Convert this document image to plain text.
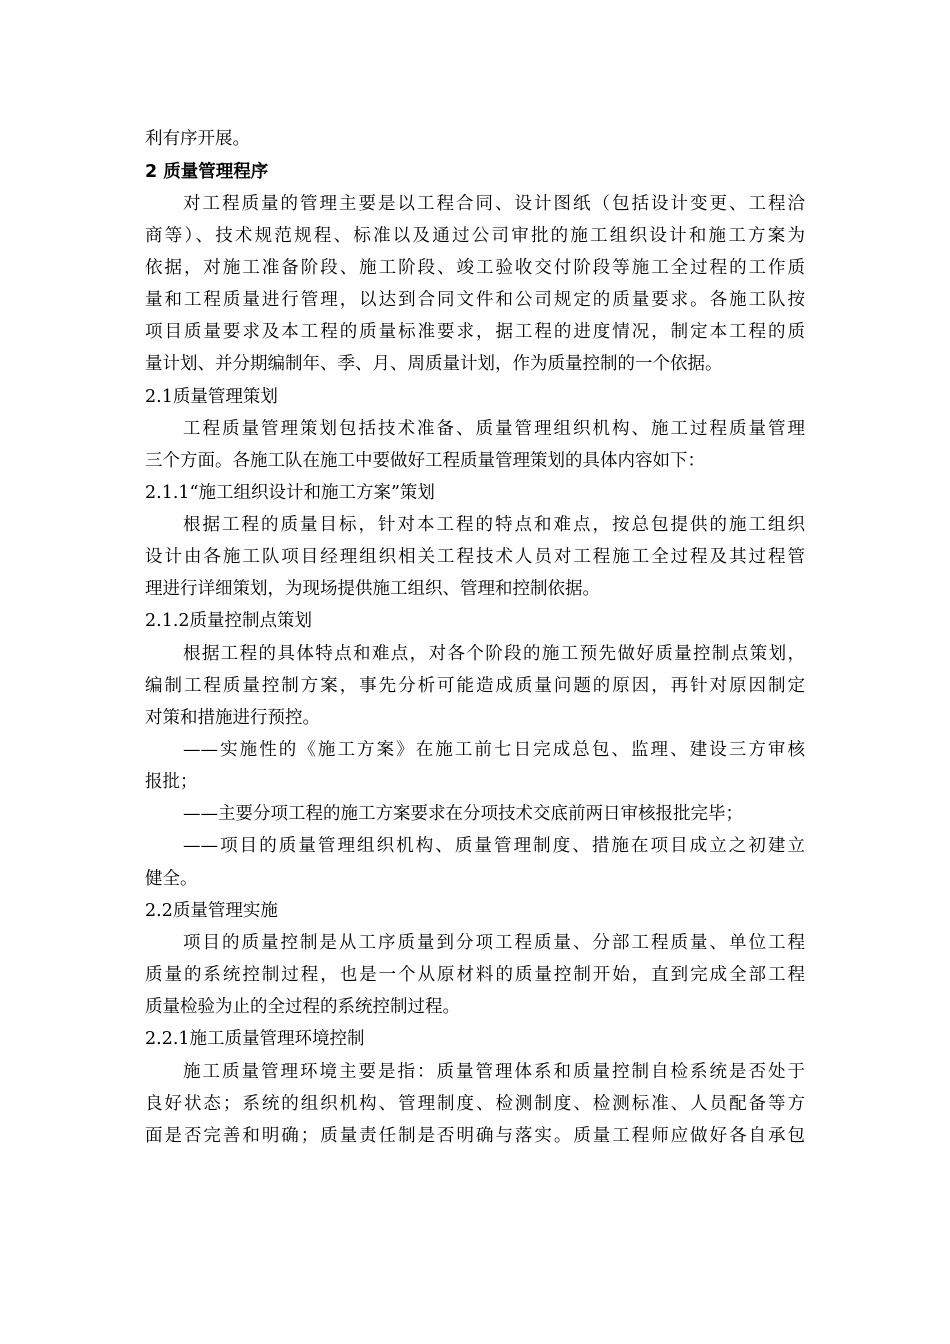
利有序开展。
2 质量管理程序
对工程质量的管理主要是以工程合同、设计图纸（包括设计变更、工程洽
商等）、技术规范规程、标准以及通过公司审批的施工组织设计和施工方案为
依据，对施工准备阶段、施工阶段、竣工验收交付阶段等施工全过程的工作质
量和工程质量进行管理，以达到合同文件和公司规定的质量要求。各施工队按
项目质量要求及本工程的质量标准要求，据工程的进度情况，制定本工程的质
量计划、并分期编制年、季、月、周质量计划，作为质量控制的一个依据。
2.1质量管理策划
工程质量管理策划包括技术准备、质量管理组织机构、施工过程质量管理
三个方面。各施工队在施工中要做好工程质量管理策划的具体内容如下：
2.1.1“施工组织设计和施工方案”策划
根据工程的质量目标，针对本工程的特点和难点，按总包提供的施工组织
设计由各施工队项目经理组织相关工程技术人员对工程施工全过程及其过程管
理进行详细策划，为现场提供施工组织、管理和控制依据。
2.1.2质量控制点策划
根据工程的具体特点和难点，对各个阶段的施工预先做好质量控制点策划，
编制工程质量控制方案，事先分析可能造成质量问题的原因，再针对原因制定
对策和措施进行预控。
——实施性的《施工方案》在施工前七日完成总包、监理、建设三方审核
报批；
——主要分项工程的施工方案要求在分项技术交底前两日审核报批完毕；
——项目的质量管理组织机构、质量管理制度、措施在项目成立之初建立
健全。
2.2质量管理实施
项目的质量控制是从工序质量到分项工程质量、分部工程质量、单位工程
质量的系统控制过程，也是一个从原材料的质量控制开始，直到完成全部工程
质量检验为止的全过程的系统控制过程。
2.2.1施工质量管理环境控制
施工质量管理环境主要是指：质量管理体系和质量控制自检系统是否处于
良好状态；系统的组织机构、管理制度、检测制度、检测标准、人员配备等方
面是否完善和明确；质量责任制是否明确与落实。质量工程师应做好各自承包
